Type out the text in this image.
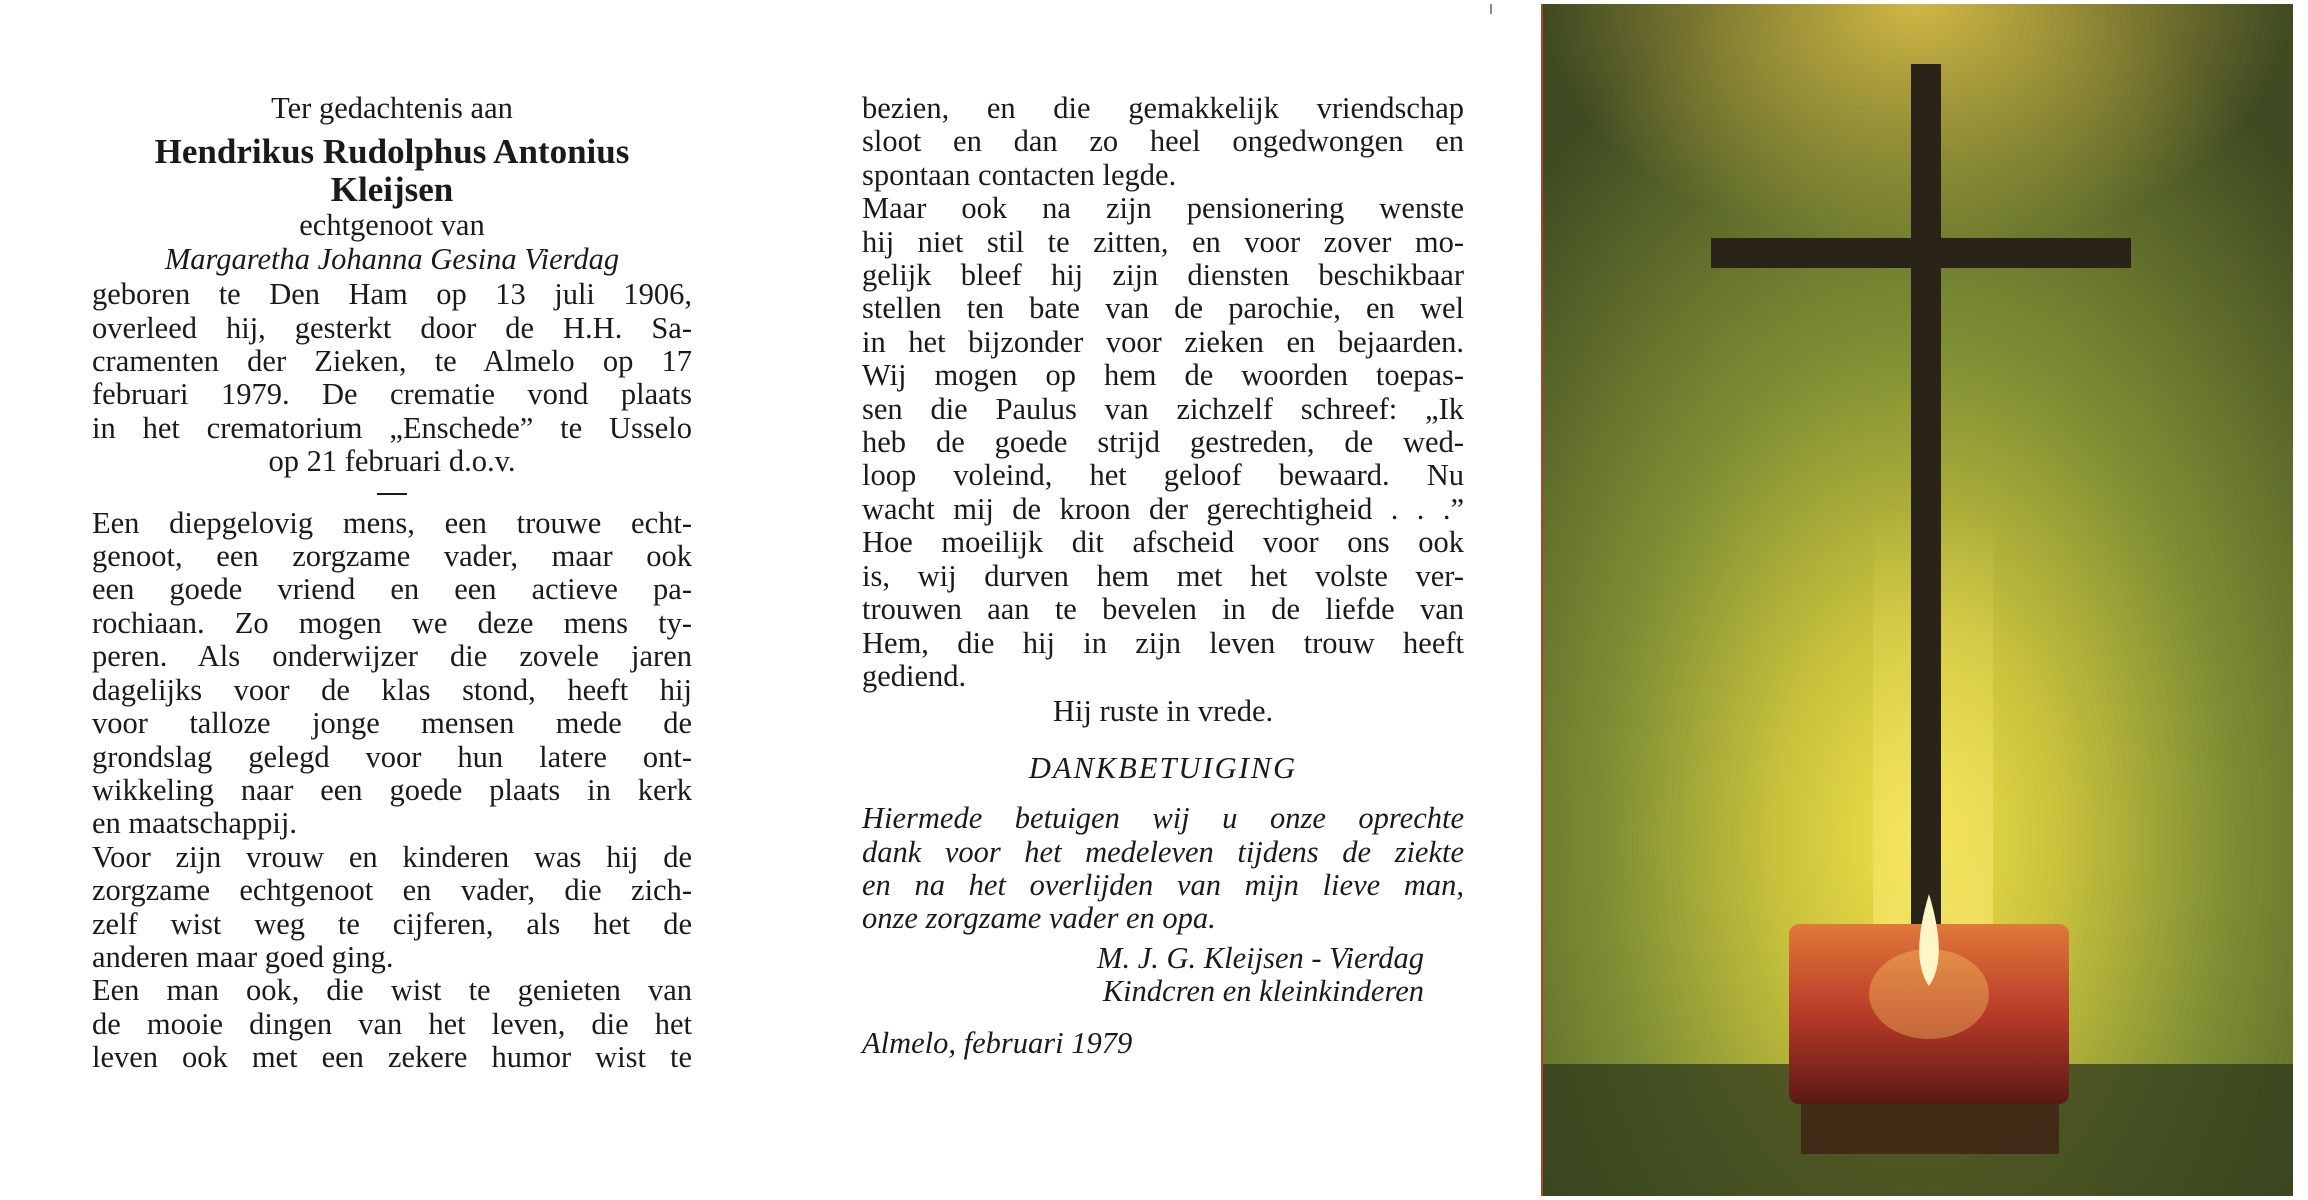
Ter gedachtenis aan
Hendrikus Rudolphus Antonius
Kleijsen
echtgenoot van
Margaretha Johanna Gesina Vierdag
geboren te Den Ham op 13 juli 1906,
overleed hij, gesterkt door de H.H. Sa-
cramenten der Zieken, te Almelo op 17
februari 1979. De crematie vond plaats
in het crematorium „Enschede” te Usselo
op 21 februari d.o.v.
Een diepgelovig mens, een trouwe echt-
genoot, een zorgzame vader, maar ook
een goede vriend en een actieve pa-
rochiaan. Zo mogen we deze mens ty-
peren. Als onderwijzer die zovele jaren
dagelijks voor de klas stond, heeft hij
voor talloze jonge mensen mede de
grondslag gelegd voor hun latere ont-
wikkeling naar een goede plaats in kerk
en maatschappij.
Voor zijn vrouw en kinderen was hij de
zorgzame echtgenoot en vader, die zich-
zelf wist weg te cijferen, als het de
anderen maar goed ging.
Een man ook, die wist te genieten van
de mooie dingen van het leven, die het
leven ook met een zekere humor wist te
bezien, en die gemakkelijk vriendschap
sloot en dan zo heel ongedwongen en
spontaan contacten legde.
Maar ook na zijn pensionering wenste
hij niet stil te zitten, en voor zover mo-
gelijk bleef hij zijn diensten beschikbaar
stellen ten bate van de parochie, en wel
in het bijzonder voor zieken en bejaarden.
Wij mogen op hem de woorden toepas-
sen die Paulus van zichzelf schreef: „Ik
heb de goede strijd gestreden, de wed-
loop voleind, het geloof bewaard. Nu
wacht mij de kroon der gerechtigheid . . .”
Hoe moeilijk dit afscheid voor ons ook
is, wij durven hem met het volste ver-
trouwen aan te bevelen in de liefde van
Hem, die hij in zijn leven trouw heeft
gediend.
Hij ruste in vrede.
DANKBETUIGING
Hiermede betuigen wij u onze oprechte
dank voor het medeleven tijdens de ziekte
en na het overlijden van mijn lieve man,
onze zorgzame vader en opa.
M. J. G. Kleijsen - Vierdag
Kindcren en kleinkinderen
Almelo, februari 1979
